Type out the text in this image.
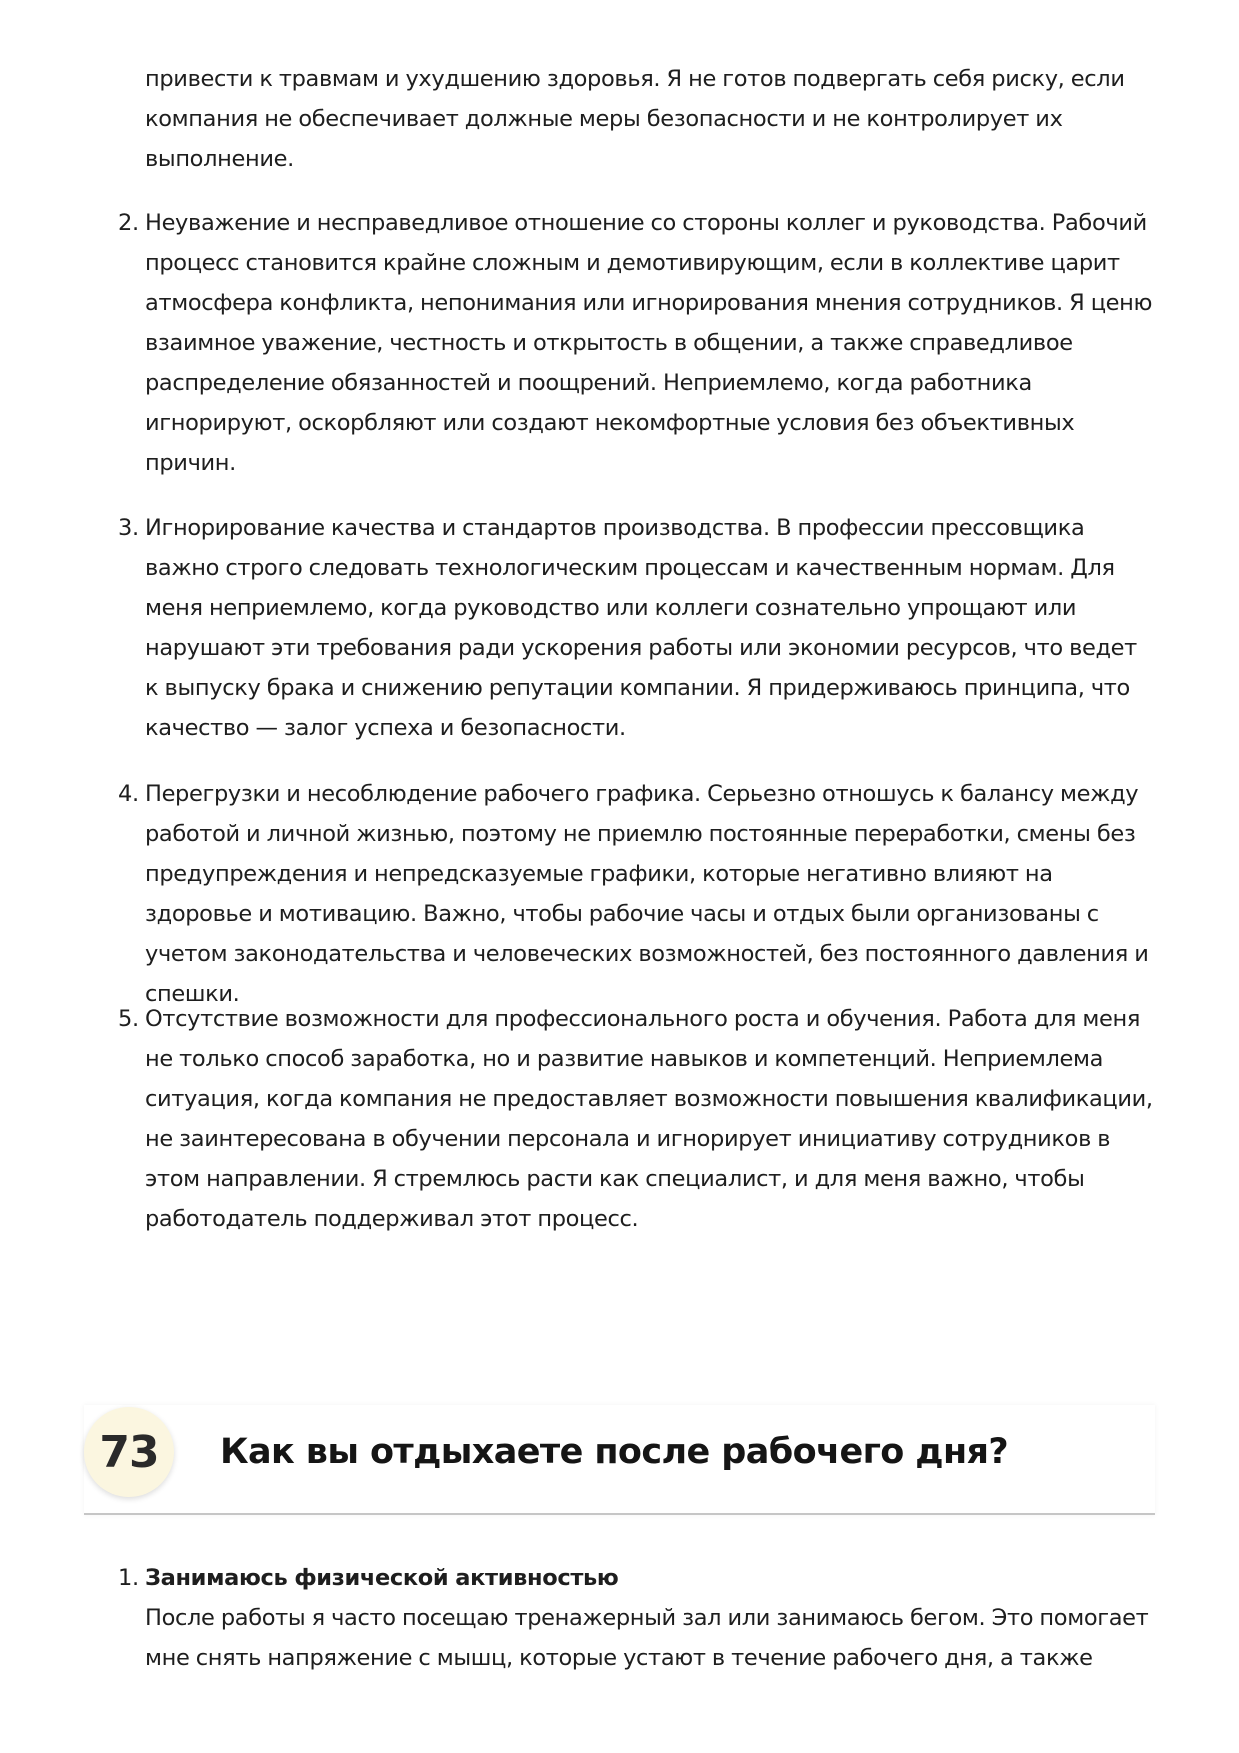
привести к травмам и ухудшению здоровья. Я не готов подвергать себя риску, если компания не обеспечивает должные меры безопасности и не контролирует их выполнение.

2. Неуважение и несправедливое отношение со стороны коллег и руководства. Рабочий процесс становится крайне сложным и демотивирующим, если в коллективе царит атмосфера конфликта, непонимания или игнорирования мнения сотрудников. Я ценю взаимное уважение, честность и открытость в общении, а также справедливое распределение обязанностей и поощрений. Неприемлемо, когда работника игнорируют, оскорбляют или создают некомфортные условия без объективных причин.

3. Игнорирование качества и стандартов производства. В профессии прессовщика важно строго следовать технологическим процессам и качественным нормам. Для меня неприемлемо, когда руководство или коллеги сознательно упрощают или нарушают эти требования ради ускорения работы или экономии ресурсов, что ведет к выпуску брака и снижению репутации компании. Я придерживаюсь принципа, что качество — залог успеха и безопасности.

4. Перегрузки и несоблюдение рабочего графика. Серьезно отношусь к балансу между работой и личной жизнью, поэтому не приемлю постоянные переработки, смены без предупреждения и непредсказуемые графики, которые негативно влияют на здоровье и мотивацию. Важно, чтобы рабочие часы и отдых были организованы с учетом законодательства и человеческих возможностей, без постоянного давления и спешки.

5. Отсутствие возможности для профессионального роста и обучения. Работа для меня не только способ заработка, но и развитие навыков и компетенций. Неприемлема ситуация, когда компания не предоставляет возможности повышения квалификации, не заинтересована в обучении персонала и игнорирует инициативу сотрудников в этом направлении. Я стремлюсь расти как специалист, и для меня важно, чтобы работодатель поддерживал этот процесс.

73	Как вы отдыхаете после рабочего дня?

1. Занимаюсь физической активностью
После работы я часто посещаю тренажерный зал или занимаюсь бегом. Это помогает мне снять напряжение с мышц, которые устают в течение рабочего дня, а также
